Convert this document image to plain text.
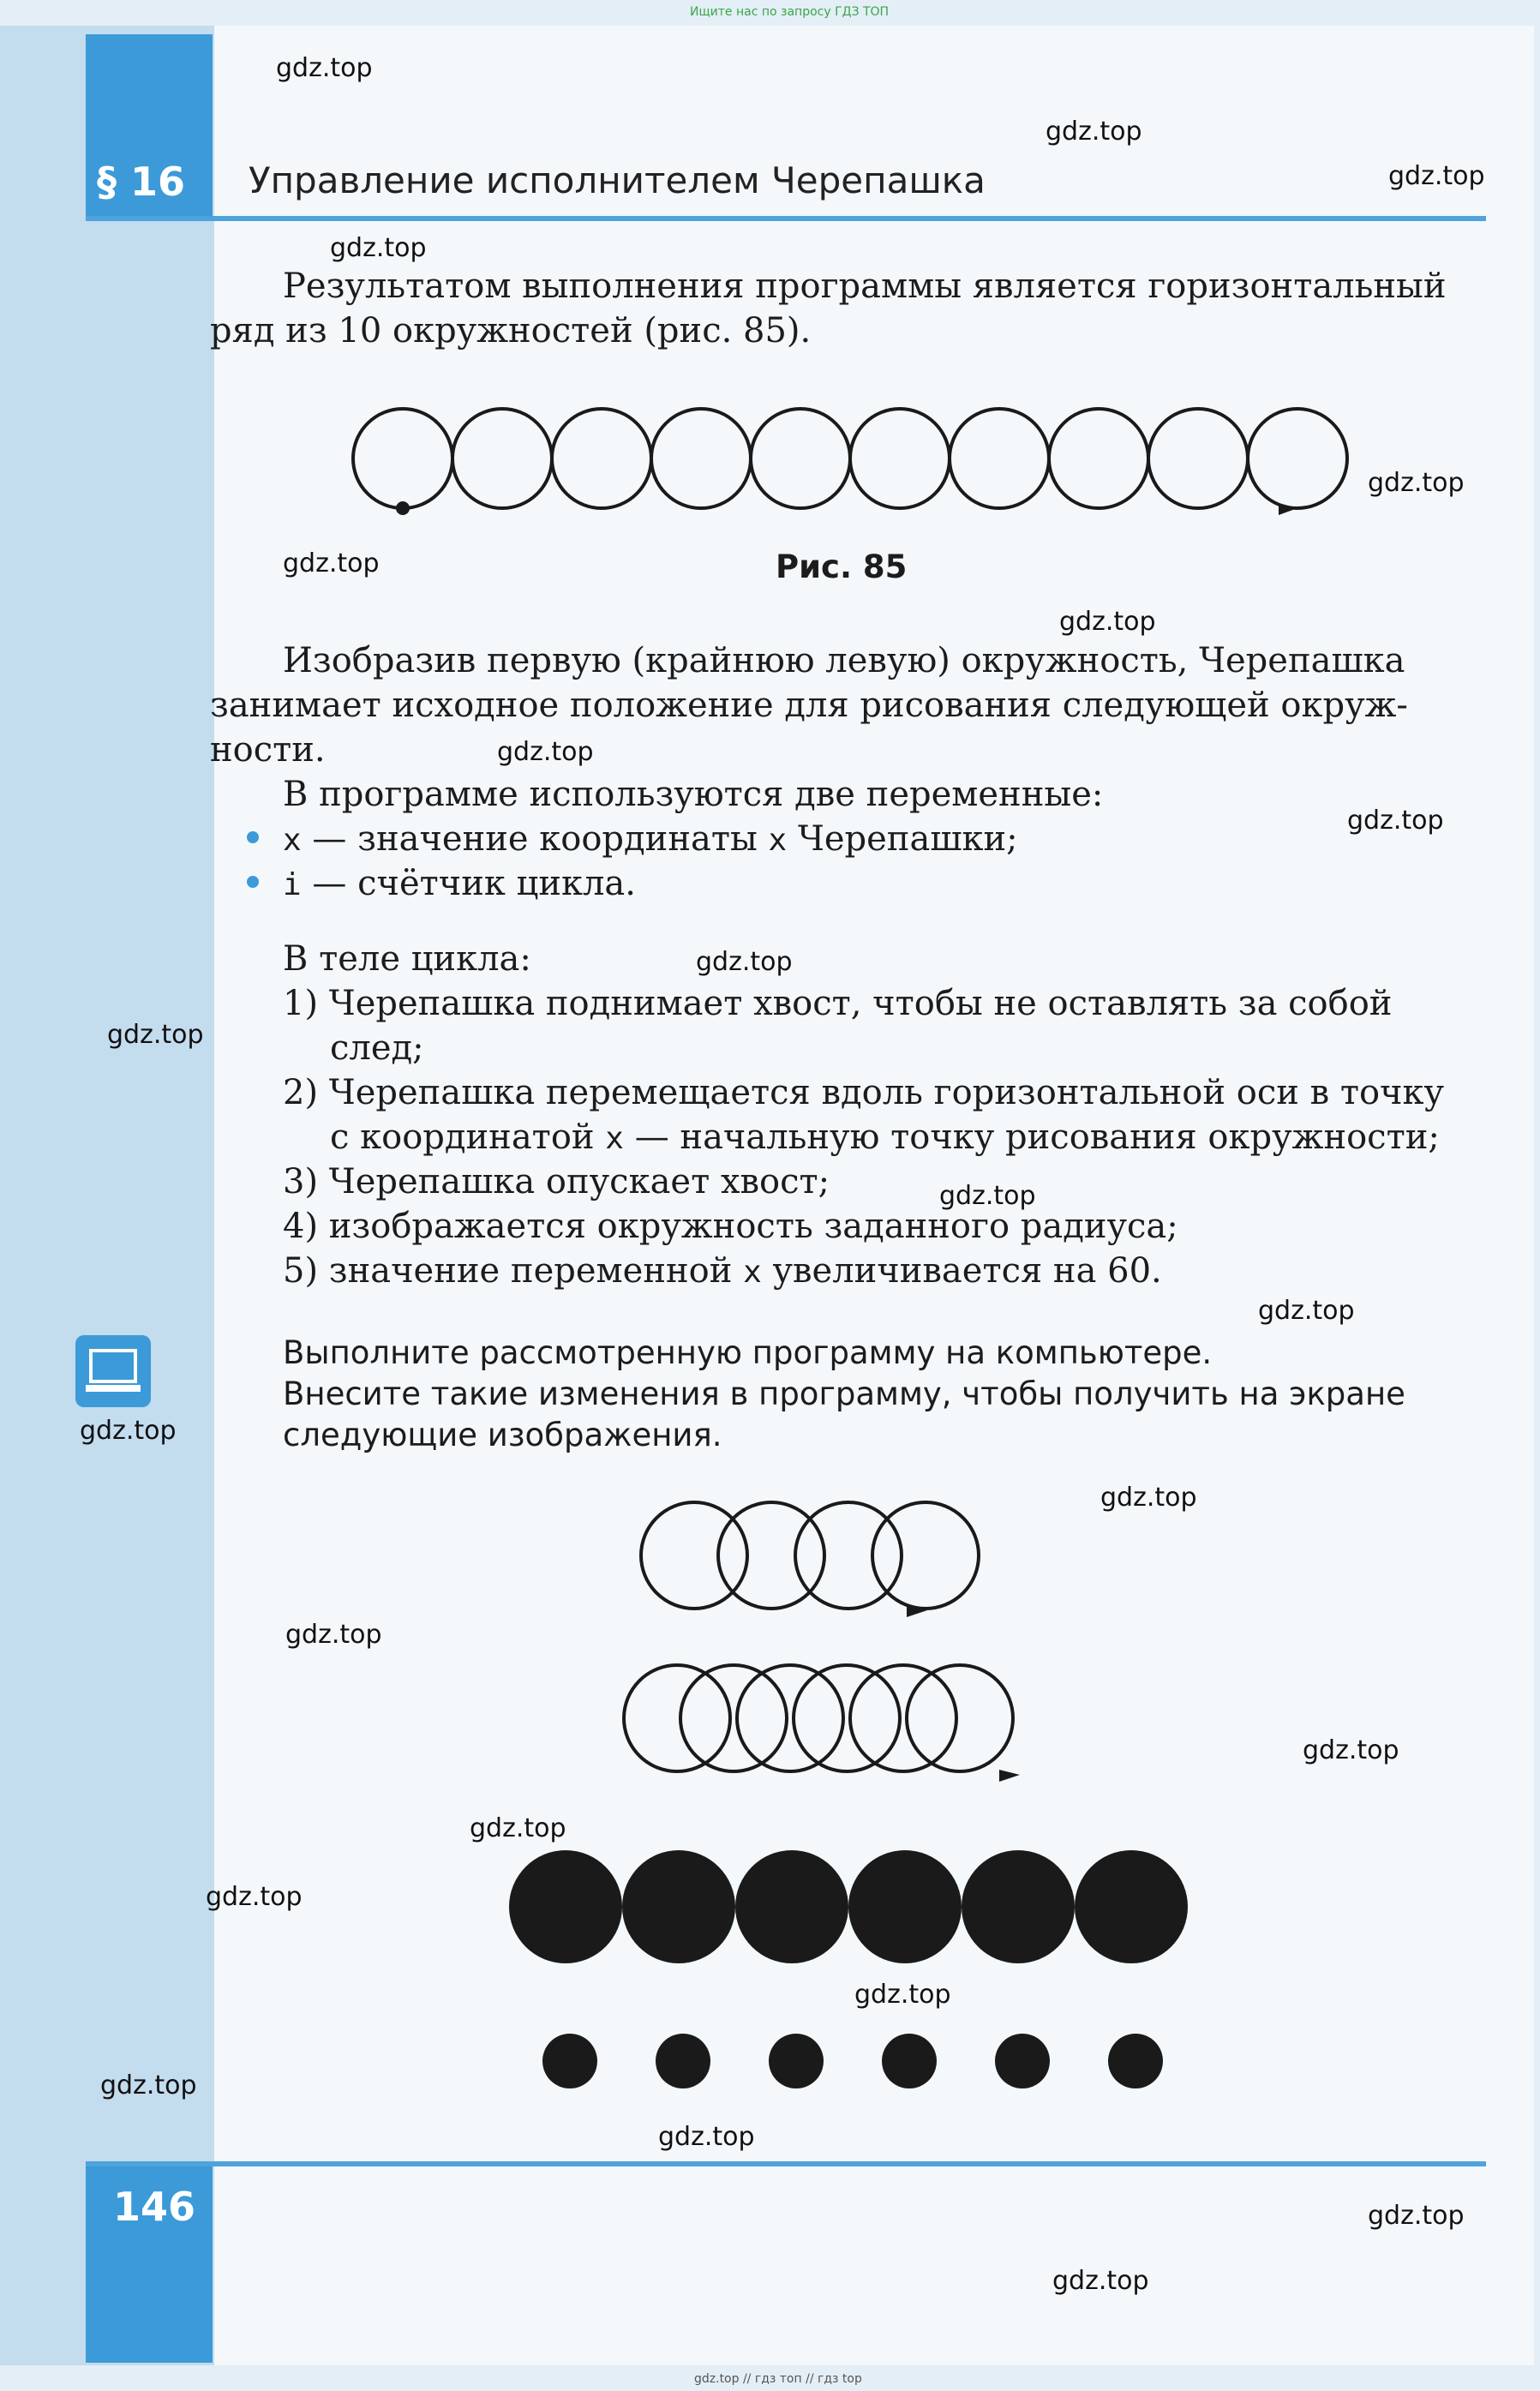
Ищите нас по запросу ГДЗ ТОП
§ 16 Управление исполнителем Черепашка
Результатом выполнения программы является горизонтальный
ряд из 10 окружностей (рис. 85).
Рис. 85
Изобразив первую (крайнюю левую) окружность, Черепашка
занимает исходное положение для рисования следующей окруж-
ности.
В программе используются две переменные:
x — значение координаты x Черепашки;
i — счётчик цикла.
В теле цикла:
1) Черепашка поднимает хвост, чтобы не оставлять за собой
след;
2) Черепашка перемещается вдоль горизонтальной оси в точку
с координатой x — начальную точку рисования окружности;
3) Черепашка опускает хвост;
4) изображается окружность заданного радиуса;
5) значение переменной x увеличивается на 60.
Выполните рассмотренную программу на компьютере.
Внесите такие изменения в программу, чтобы получить на экране
следующие изображения.
146
gdz.top // гдз топ // гдз top
gdz.top
gdz.top
gdz.top
gdz.top
gdz.top
gdz.top
gdz.top
gdz.top
gdz.top
gdz.top
gdz.top
gdz.top
gdz.top
gdz.top
gdz.top
gdz.top
gdz.top
gdz.top
gdz.top
gdz.top
gdz.top
gdz.top
gdz.top
gdz.top
